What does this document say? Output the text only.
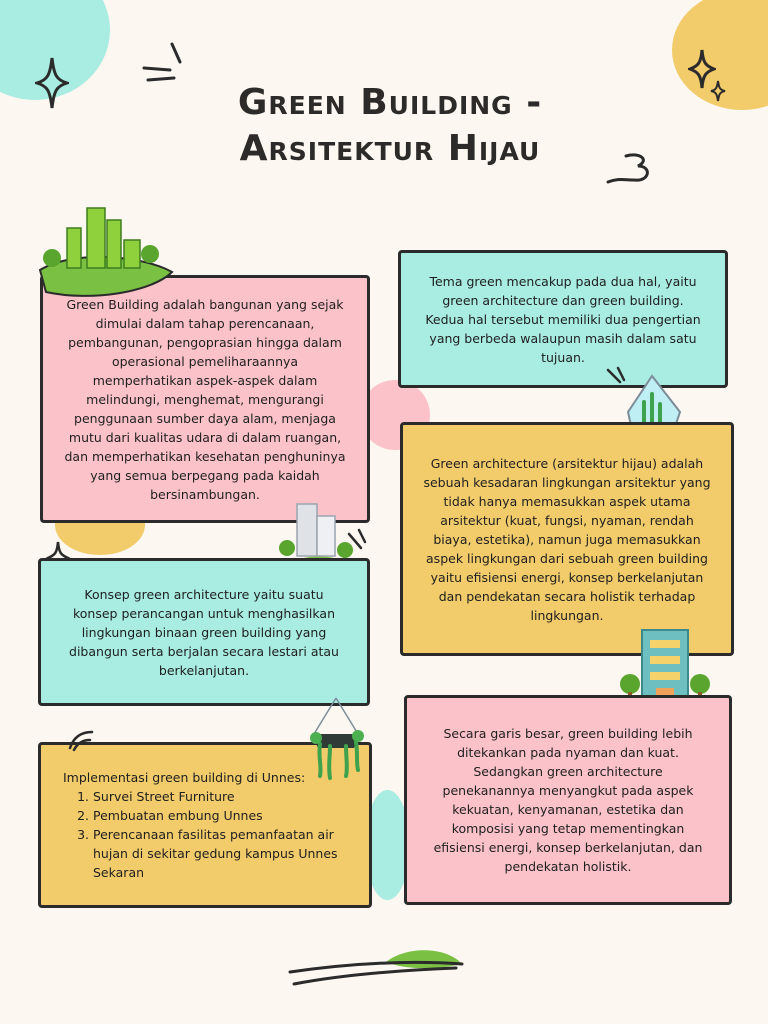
Green Building -
Arsitektur Hijau

Green Building adalah bangunan yang sejak dimulai dalam tahap perencanaan, pembangunan, pengoprasian hingga dalam operasional pemeliharaannya memperhatikan aspek-aspek dalam melindungi, menghemat, mengurangi penggunaan sumber daya alam, menjaga mutu dari kualitas udara di dalam ruangan, dan memperhatikan kesehatan penghuninya yang semua berpegang pada kaidah bersinambungan.

Tema green mencakup pada dua hal, yaitu green architecture dan green building. Kedua hal tersebut memiliki dua pengertian yang berbeda walaupun masih dalam satu tujuan.

Green architecture (arsitektur hijau) adalah sebuah kesadaran lingkungan arsitektur yang tidak hanya memasukkan aspek utama arsitektur (kuat, fungsi, nyaman, rendah biaya, estetika), namun juga memasukkan aspek lingkungan dari sebuah green building yaitu efisiensi energi, konsep berkelanjutan dan pendekatan secara holistik terhadap lingkungan.

Konsep green architecture yaitu suatu konsep perancangan untuk menghasilkan lingkungan binaan green building yang dibangun serta berjalan secara lestari atau berkelanjutan.

Implementasi green building di Unnes:
1. Survei Street Furniture
2. Pembuatan embung Unnes
3. Perencanaan fasilitas pemanfaatan air hujan di sekitar gedung kampus Unnes Sekaran

Secara garis besar, green building lebih ditekankan pada nyaman dan kuat. Sedangkan green architecture penekanannya menyangkut pada aspek kekuatan, kenyamanan, estetika dan komposisi yang tetap mementingkan efisiensi energi, konsep berkelanjutan, dan pendekatan holistik.
